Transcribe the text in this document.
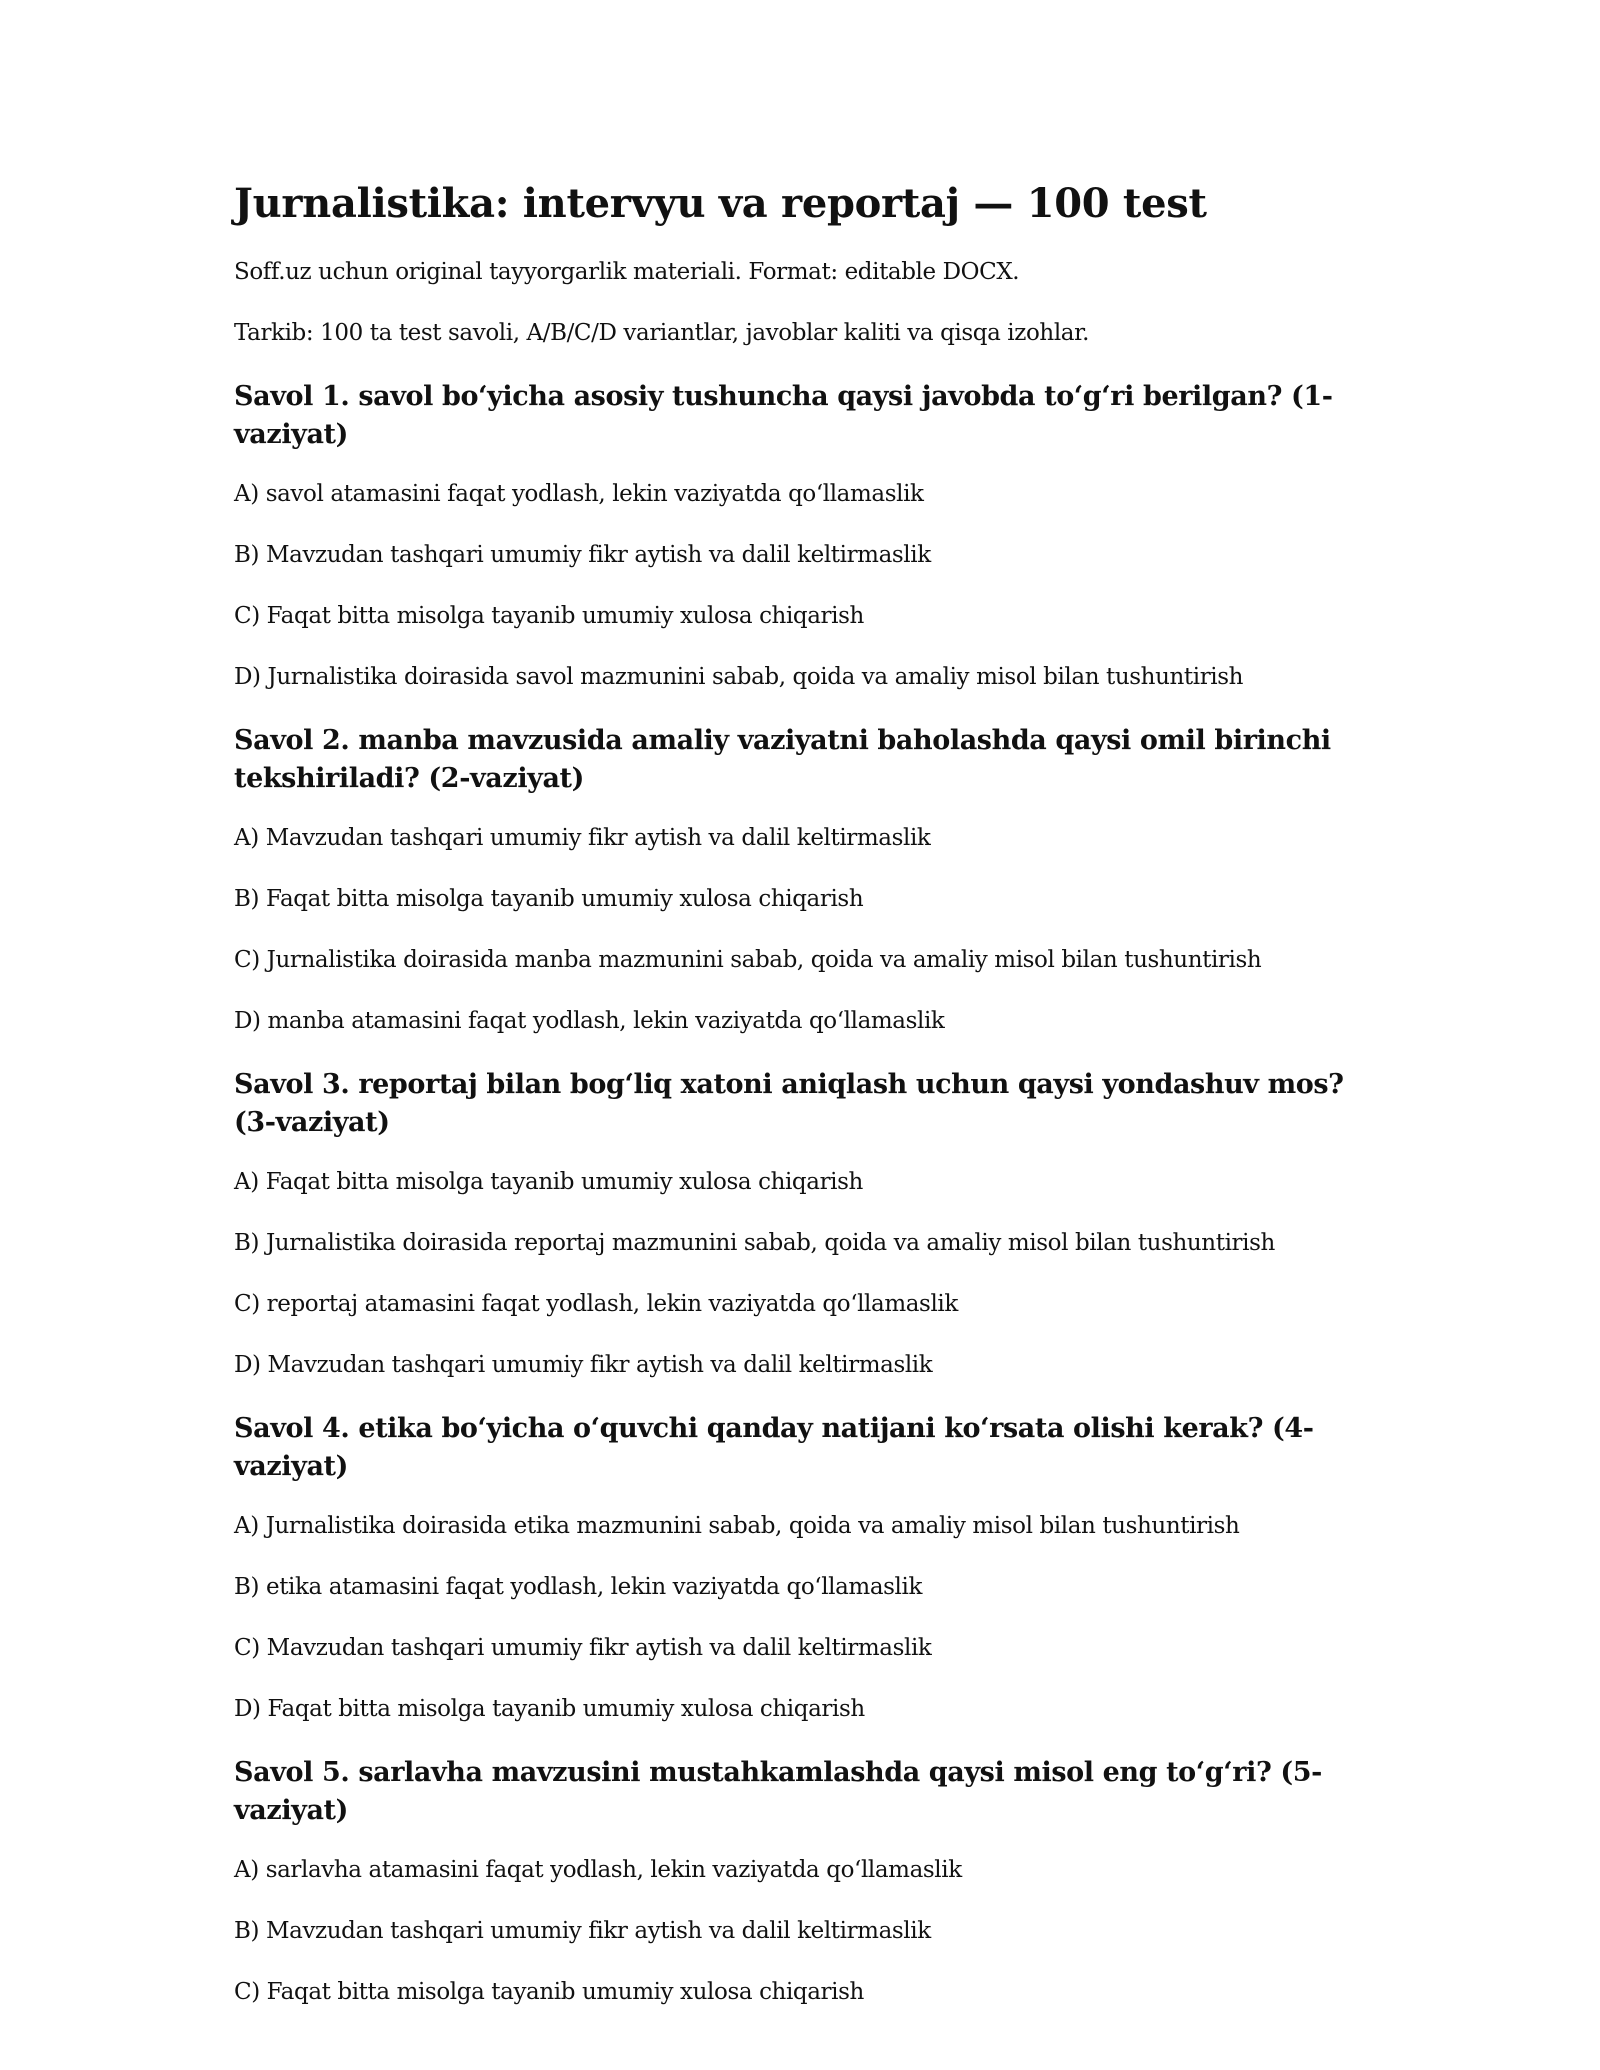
Jurnalistika: intervyu va reportaj — 100 test

Soff.uz uchun original tayyorgarlik materiali. Format: editable DOCX.

Tarkib: 100 ta test savoli, A/B/C/D variantlar, javoblar kaliti va qisqa izohlar.

Savol 1. savol bo‘yicha asosiy tushuncha qaysi javobda to‘g‘ri berilgan? (1-vaziyat)

A) savol atamasini faqat yodlash, lekin vaziyatda qo‘llamaslik

B) Mavzudan tashqari umumiy fikr aytish va dalil keltirmaslik

C) Faqat bitta misolga tayanib umumiy xulosa chiqarish

D) Jurnalistika doirasida savol mazmunini sabab, qoida va amaliy misol bilan tushuntirish

Savol 2. manba mavzusida amaliy vaziyatni baholashda qaysi omil birinchi tekshiriladi? (2-vaziyat)

A) Mavzudan tashqari umumiy fikr aytish va dalil keltirmaslik

B) Faqat bitta misolga tayanib umumiy xulosa chiqarish

C) Jurnalistika doirasida manba mazmunini sabab, qoida va amaliy misol bilan tushuntirish

D) manba atamasini faqat yodlash, lekin vaziyatda qo‘llamaslik

Savol 3. reportaj bilan bog‘liq xatoni aniqlash uchun qaysi yondashuv mos? (3-vaziyat)

A) Faqat bitta misolga tayanib umumiy xulosa chiqarish

B) Jurnalistika doirasida reportaj mazmunini sabab, qoida va amaliy misol bilan tushuntirish

C) reportaj atamasini faqat yodlash, lekin vaziyatda qo‘llamaslik

D) Mavzudan tashqari umumiy fikr aytish va dalil keltirmaslik

Savol 4. etika bo‘yicha o‘quvchi qanday natijani ko‘rsata olishi kerak? (4-vaziyat)

A) Jurnalistika doirasida etika mazmunini sabab, qoida va amaliy misol bilan tushuntirish

B) etika atamasini faqat yodlash, lekin vaziyatda qo‘llamaslik

C) Mavzudan tashqari umumiy fikr aytish va dalil keltirmaslik

D) Faqat bitta misolga tayanib umumiy xulosa chiqarish

Savol 5. sarlavha mavzusini mustahkamlashda qaysi misol eng to‘g‘ri? (5-vaziyat)

A) sarlavha atamasini faqat yodlash, lekin vaziyatda qo‘llamaslik

B) Mavzudan tashqari umumiy fikr aytish va dalil keltirmaslik

C) Faqat bitta misolga tayanib umumiy xulosa chiqarish
